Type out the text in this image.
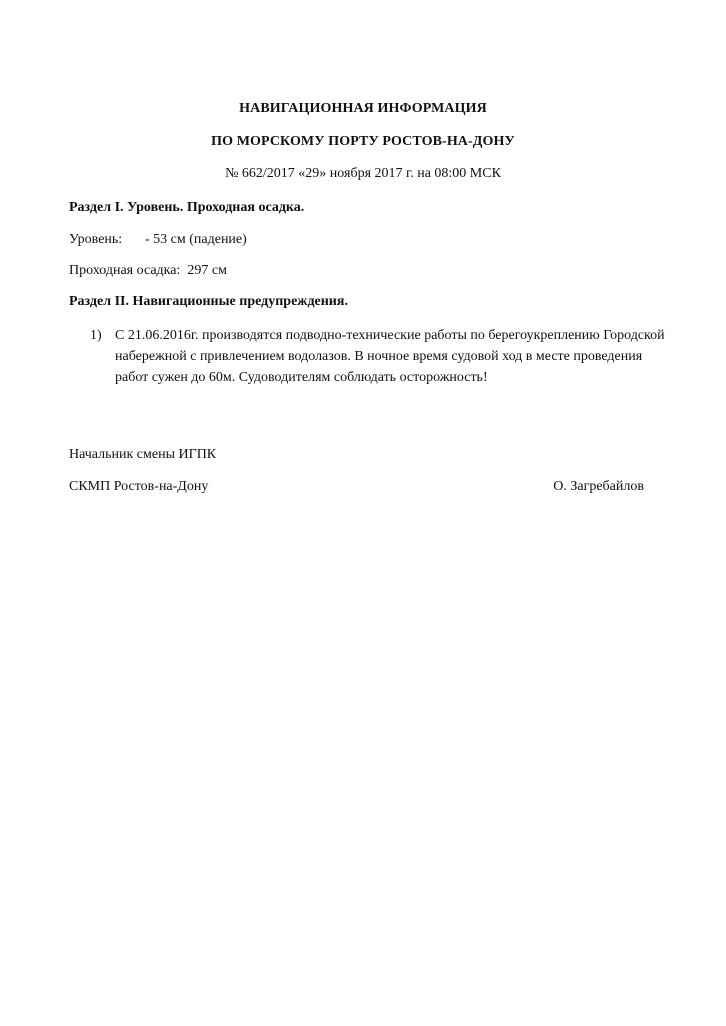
НАВИГАЦИОННАЯ ИНФОРМАЦИЯ
ПО МОРСКОМУ ПОРТУ РОСТОВ-НА-ДОНУ
№ 662/2017 «29» ноября 2017 г. на 08:00 МСК
Раздел I. Уровень. Проходная осадка.
Уровень: - 53 см (падение)
Проходная осадка: 297 см
Раздел II. Навигационные предупреждения.
1) С 21.06.2016г. производятся подводно-технические работы по берегоукреплению Городской набережной с привлечением водолазов. В ночное время судовой ход в месте проведения работ сужен до 60м. Судоводителям соблюдать осторожность!
Начальник смены ИГПК
СКМП Ростов-на-Дону	О. Загребайлов
